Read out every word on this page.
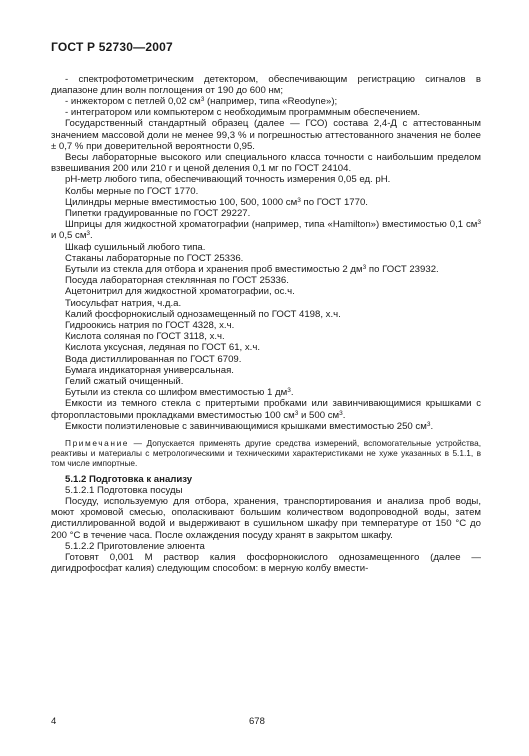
ГОСТ Р 52730—2007

- спектрофотометрическим детектором, обеспечивающим регистрацию сигналов в диапазоне длин волн поглощения от 190 до 600 нм;

- инжектором с петлей 0,02 $см^3$ (например, типа «Reodyne»);

- интегратором или компьютером с необходимым программным обеспечением.

Государственный стандартный образец (далее — ГСО) состава 2,4-Д с аттестованным значением массовой доли не менее 99,3 % и погрешностью аттестованного значения не более ± 0,7 % при доверительной вероятности 0,95.

Весы лабораторные высокого или специального класса точности с наибольшим пределом взвешивания 200 или 210 г и ценой деления 0,1 мг по ГОСТ 24104.

рН-метр любого типа, обеспечивающий точность измерения 0,05 ед. рН.

Колбы мерные по ГОСТ 1770.

Цилиндры мерные вместимостью 100, 500, 1000 $см^3$ по ГОСТ 1770.

Пипетки градуированные по ГОСТ 29227.

Шприцы для жидкостной хроматографии (например, типа «Hamilton») вместимостью 0,1 $см^3$ и 0,5 $см^3$.

Шкаф сушильный любого типа.

Стаканы лабораторные по ГОСТ 25336.

Бутыли из стекла для отбора и хранения проб вместимостью 2 $дм^3$ по ГОСТ 23932.

Посуда лабораторная стеклянная по ГОСТ 25336.

Ацетонитрил для жидкостной хроматографии, ос.ч.

Тиосульфат натрия, ч.д.а.

Калий фосфорнокислый однозамещенный по ГОСТ 4198, х.ч.

Гидроокись натрия по ГОСТ 4328, х.ч.

Кислота соляная по ГОСТ 3118, х.ч.

Кислота уксусная, ледяная по ГОСТ 61, х.ч.

Вода дистиллированная по ГОСТ 6709.

Бумага индикаторная универсальная.

Гелий сжатый очищенный.

Бутыли из стекла со шлифом вместимостью 1 $дм^3$.

Емкости из темного стекла с притертыми пробками или завинчивающимися крышками с фторопластовыми прокладками вместимостью 100 $см^3$ и 500 $см^3$.

Емкости полиэтиленовые с завинчивающимися крышками вместимостью 250 $см^3$.

Примечание — Допускается применять другие средства измерений, вспомогательные устройства, реактивы и материалы с метрологическими и техническими характеристиками не хуже указанных в 5.1.1, в том числе импортные.

5.1.2 Подготовка к анализу

5.1.2.1 Подготовка посуды

Посуду, используемую для отбора, хранения, транспортирования и анализа проб воды, моют хромовой смесью, ополаскивают большим количеством водопроводной воды, затем дистиллированной водой и выдерживают в сушильном шкафу при температуре от 150 °С до 200 °С в течение часа. После охлаждения посуду хранят в закрытом шкафу.

5.1.2.2 Приготовление элюента

Готовят 0,001 М раствор калия фосфорнокислого однозамещенного (далее — дигидрофосфат калия) следующим способом: в мерную колбу вмести-

4	678
